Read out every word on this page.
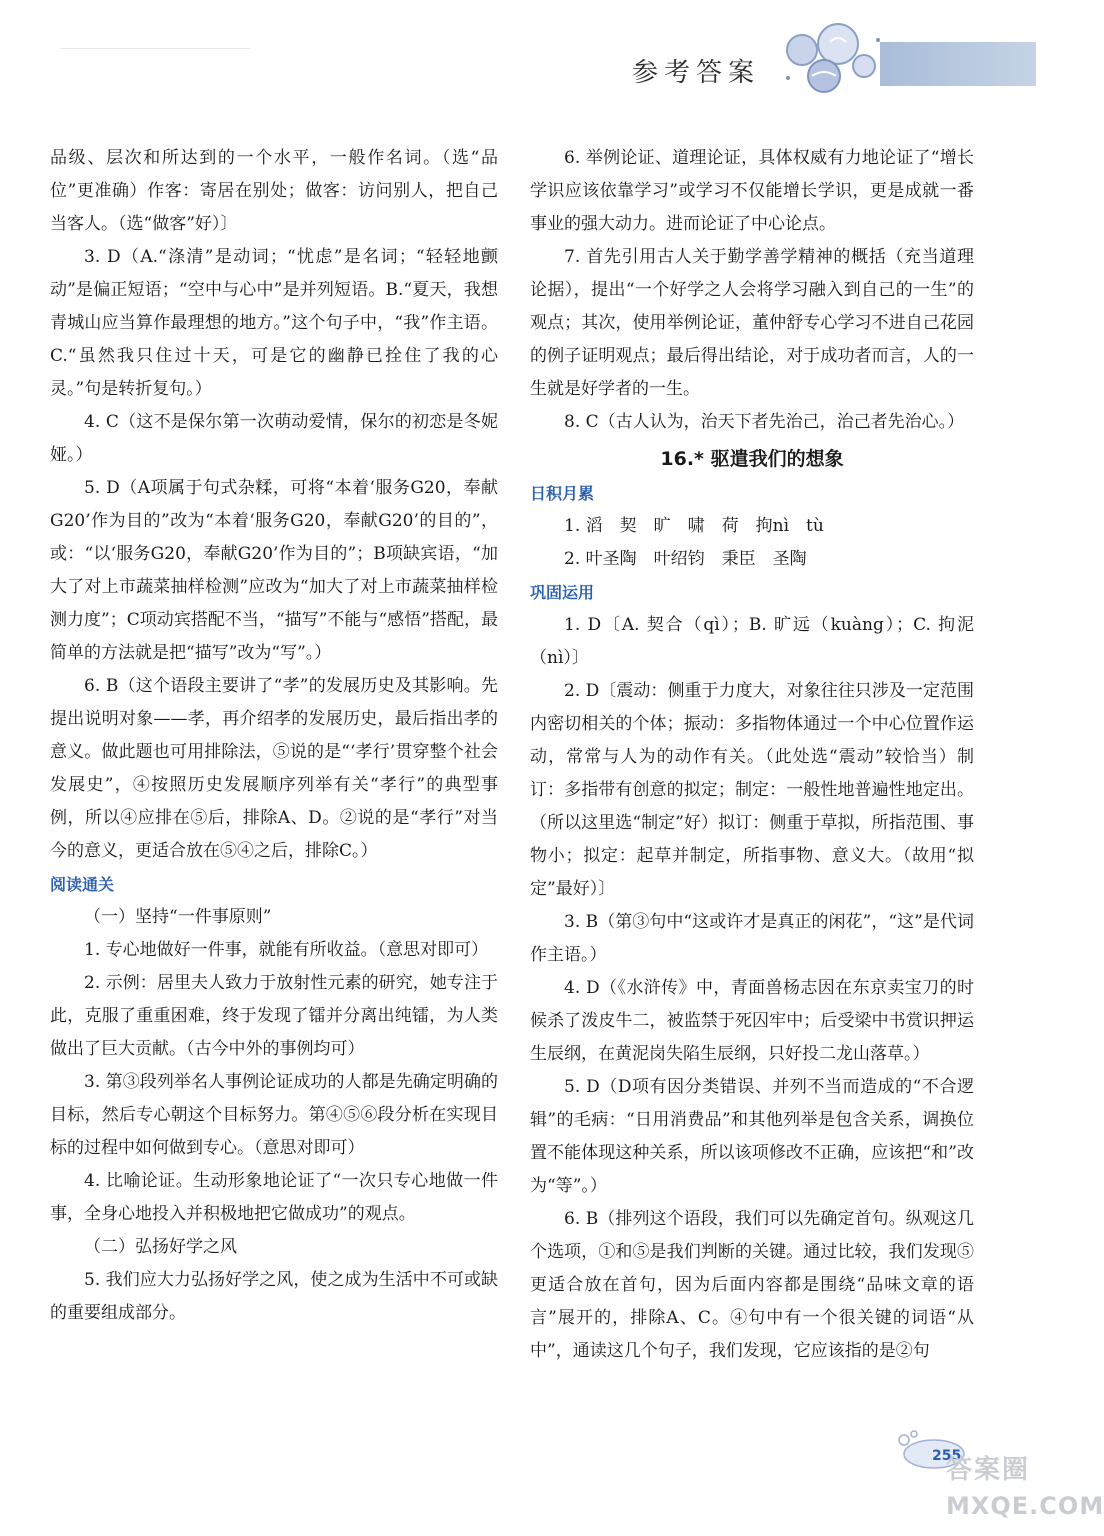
参考答案

品级、层次和所达到的一个水平，一般作名词。（选“品位”更准确）作客：寄居在别处；做客：访问别人，把自己当客人。（选“做客”好）〕

3. D（A.“涤清”是动词；“忧虑”是名词；“轻轻地颤动”是偏正短语；“空中与心中”是并列短语。B.“夏天，我想青城山应当算作最理想的地方。”这个句子中，“我”作主语。C.“虽然我只住过十天，可是它的幽静已拴住了我的心灵。”句是转折复句。）

4. C（这不是保尔第一次萌动爱情，保尔的初恋是冬妮娅。）

5. D（A项属于句式杂糅，可将“本着‘服务G20，奉献G20’作为目的”改为“本着‘服务G20，奉献G20’的目的”，或：“以‘服务G20，奉献G20’作为目的”；B项缺宾语，“加大了对上市蔬菜抽样检测”应改为“加大了对上市蔬菜抽样检测力度”；C项动宾搭配不当，“描写”不能与“感悟”搭配，最简单的方法就是把“描写”改为“写”。）

6. B（这个语段主要讲了“孝”的发展历史及其影响。先提出说明对象——孝，再介绍孝的发展历史，最后指出孝的意义。做此题也可用排除法，⑤说的是“‘孝行’贯穿整个社会发展史”，④按照历史发展顺序列举有关“孝行”的典型事例，所以④应排在⑤后，排除A、D。②说的是“孝行”对当今的意义，更适合放在⑤④之后，排除C。）

阅读通关

（一）坚持“一件事原则”

1. 专心地做好一件事，就能有所收益。（意思对即可）

2. 示例：居里夫人致力于放射性元素的研究，她专注于此，克服了重重困难，终于发现了镭并分离出纯镭，为人类做出了巨大贡献。（古今中外的事例均可）

3. 第③段列举名人事例论证成功的人都是先确定明确的目标，然后专心朝这个目标努力。第④⑤⑥段分析在实现目标的过程中如何做到专心。（意思对即可）

4. 比喻论证。生动形象地论证了“一次只专心地做一件事，全身心地投入并积极地把它做成功”的观点。

（二）弘扬好学之风

5. 我们应大力弘扬好学之风，使之成为生活中不可或缺的重要组成部分。

6. 举例论证、道理论证，具体权威有力地论证了“增长学识应该依靠学习”或学习不仅能增长学识，更是成就一番事业的强大动力。进而论证了中心论点。

7. 首先引用古人关于勤学善学精神的概括（充当道理论据），提出“一个好学之人会将学习融入到自己的一生”的观点；其次，使用举例论证，董仲舒专心学习不进自己花园的例子证明观点；最后得出结论，对于成功者而言，人的一生就是好学者的一生。

8. C（古人认为，治天下者先治己，治己者先治心。）

16.* 驱遣我们的想象
日积月累

1. 滔　契　旷　啸　荷　拘nì　tù

2. 叶圣陶　叶绍钧　秉臣　圣陶

巩固运用

1. D〔A. 契合（qì）；B. 旷远（kuàng）；C. 拘泥（nì）〕

2. D〔震动：侧重于力度大，对象往往只涉及一定范围内密切相关的个体；振动：多指物体通过一个中心位置作运动，常常与人为的动作有关。（此处选“震动”较恰当）制订：多指带有创意的拟定；制定：一般性地普遍性地定出。（所以这里选“制定”好）拟订：侧重于草拟，所指范围、事物小；拟定：起草并制定，所指事物、意义大。（故用“拟定”最好）〕

3. B（第③句中“这或许才是真正的闲花”，“这”是代词作主语。）

4. D（《水浒传》中，青面兽杨志因在东京卖宝刀的时候杀了泼皮牛二，被监禁于死囚牢中；后受梁中书赏识押运生辰纲，在黄泥岗失陷生辰纲，只好投二龙山落草。）

5. D（D项有因分类错误、并列不当而造成的“不合逻辑”的毛病：“日用消费品”和其他列举是包含关系，调换位置不能体现这种关系，所以该项修改不正确，应该把“和”改为“等”。）

6. B（排列这个语段，我们可以先确定首句。纵观这几个选项，①和⑤是我们判断的关键。通过比较，我们发现⑤更适合放在首句，因为后面内容都是围绕“品味文章的语言”展开的，排除A、C。④句中有一个很关键的词语“从中”，通读这几个句子，我们发现，它应该指的是②句

255
答案圈
MXQE.COM
